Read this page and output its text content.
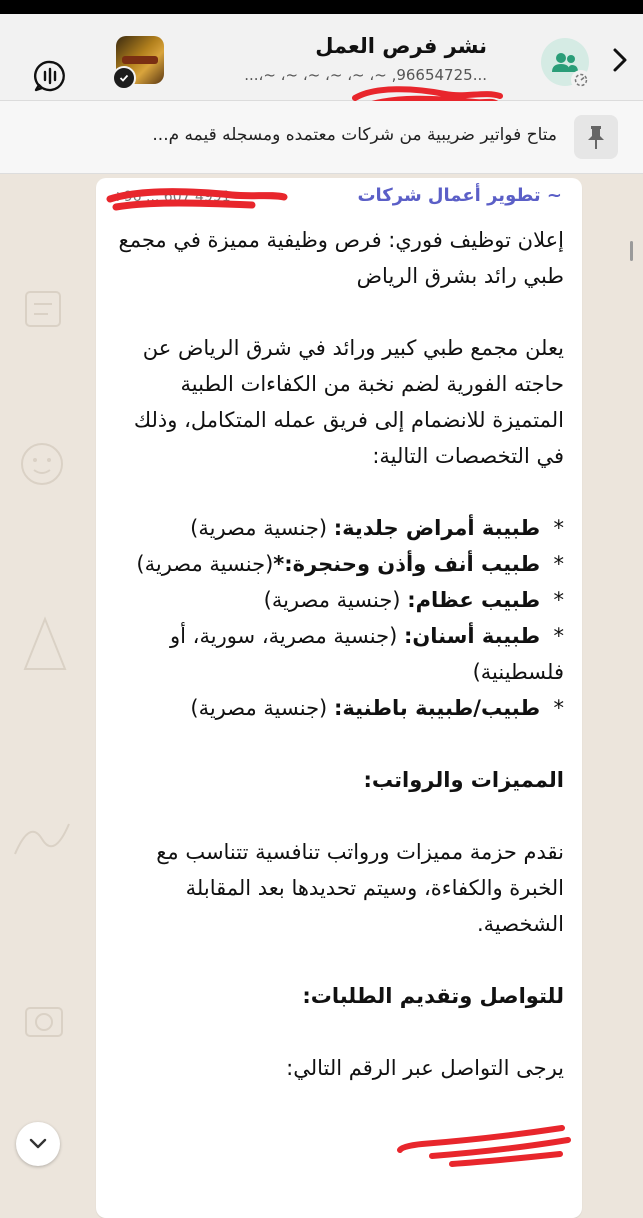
نشر فرص العمل
...،~ ،~ ،~ ،~ ،~ ،~ ,96654725...
متاح فواتير ضريبية من شركات معتمده ومسجله قيمه م...
~ تطوير أعمال شركات
+96 ... 607 4991

إعلان توظيف فوري: فرص وظيفية مميزة في مجمع طبي رائد بشرق الرياض

يعلن مجمع طبي كبير ورائد في شرق الرياض عن حاجته الفورية لضم نخبة من الكفاءات الطبية المتميزة للانضمام إلى فريق عمله المتكامل، وذلك في التخصصات التالية:

*  طبيبة أمراض جلدية: (جنسية مصرية)

*  طبيب أنف وأذن وحنجرة:*(جنسية مصرية)

*  طبيب عظام: (جنسية مصرية)

*  طبيبة أسنان: (جنسية مصرية، سورية، أو فلسطينية)

*  طبيب/طبيبة باطنية: (جنسية مصرية)

المميزات والرواتب:

نقدم حزمة مميزات ورواتب تنافسية تتناسب مع الخبرة والكفاءة، وسيتم تحديدها بعد المقابلة الشخصية.

للتواصل وتقديم الطلبات:

يرجى التواصل عبر الرقم التالي:
